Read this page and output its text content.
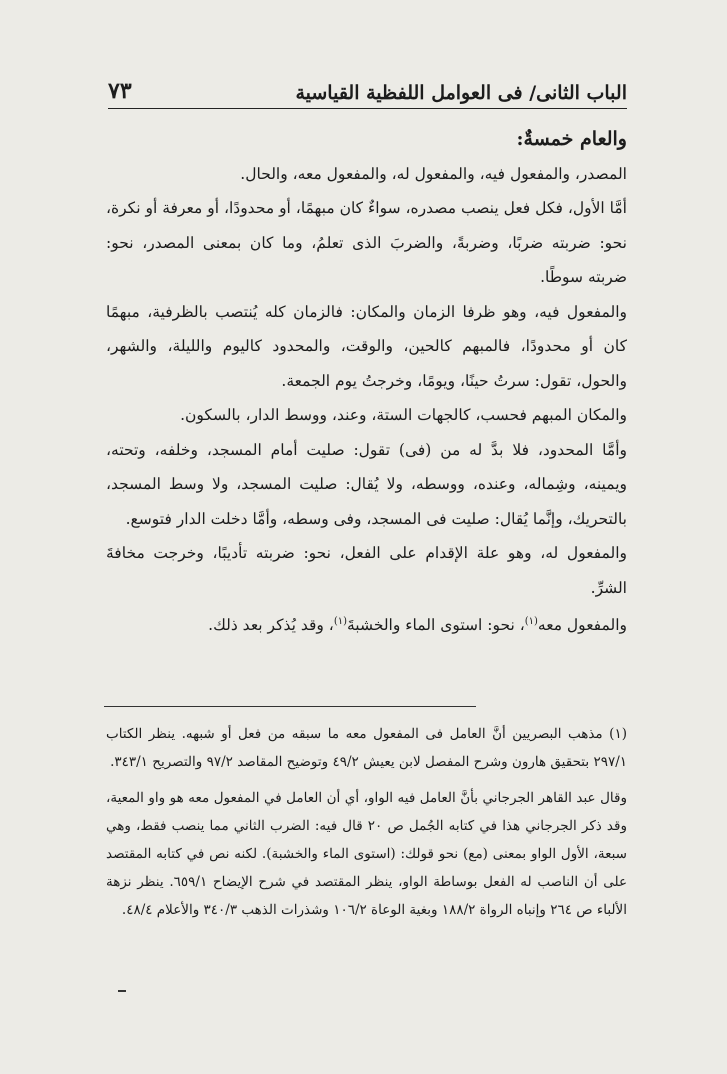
الباب الثانى/ فى العوامل اللفظية القياسية
٧٣

والعام خمسةٌ:

المصدر، والمفعول فيه، والمفعول له، والمفعول معه، والحال.

أمَّا الأول، فكل فعل ينصب مصدره، سواءٌ كان مبهمًا، أو محدودًا، أو معرفة أو نكرة، نحو: ضربته ضربًا، وضربةً، والضربَ الذى تعلمُ، وما كان بمعنى المصدر، نحو: ضربته سوطًا.

والمفعول فيه، وهو ظرفا الزمان والمكان: فالزمان كله يُنتصب بالظرفية، مبهمًا كان أو محدودًا، فالمبهم كالحين، والوقت، والمحدود كاليوم والليلة، والشهر، والحول، تقول: سرتُ حينًا، ويومًا، وخرجتُ يوم الجمعة.

والمكان المبهم فحسب، كالجهات الستة، وعند، ووسط الدار، بالسكون.

وأمَّا المحدود، فلا بدَّ له من (فى) تقول: صليت أمام المسجد، وخلفه، وتحته، ويمينه، وشِماله، وعنده، ووسطه، ولا يُقال: صليت المسجد، ولا وسط المسجد، بالتحريك، وإنَّما يُقال: صليت فى المسجد، وفى وسطه، وأمَّا دخلت الدار فتوسع.

والمفعول له، وهو علة الإقدام على الفعل، نحو: ضربته تأديبًا، وخرجت مخافةَ الشرِّ.

والمفعول معه$^{(١)}$، نحو: استوى الماء والخشبةَ$^{(١)}$، وقد يُذكر بعد ذلك.

(١) مذهب البصريين أنَّ العامل فى المفعول معه ما سبقه من فعل أو شبهه. ينظر الكتاب ٢٩٧/١ بتحقيق هارون وشرح المفصل لابن يعيش ٤٩/٢ وتوضيح المقاصد ٩٧/٢ والتصريح ٣٤٣/١.

وقال عبد القاهر الجرجاني بأنَّ العامل فيه الواو، أي أن العامل في المفعول معه هو واو المعية، وقد ذكر الجرجاني هذا في كتابه الجُمل ص ٢٠ قال فيه: الضرب الثاني مما ينصب فقط، وهي سبعة، الأول الواو بمعنى (مع) نحو قولك: (استوى الماء والخشبة). لكنه نص في كتابه المقتصد على أن الناصب له الفعل بوساطة الواو، ينظر المقتصد في شرح الإيضاح ٦٥٩/١. ينظر نزهة الألباء ص ٢٦٤ وإنباه الرواة ١٨٨/٢ وبغية الوعاة ١٠٦/٢ وشذرات الذهب ٣٤٠/٣ والأعلام ٤٨/٤.
